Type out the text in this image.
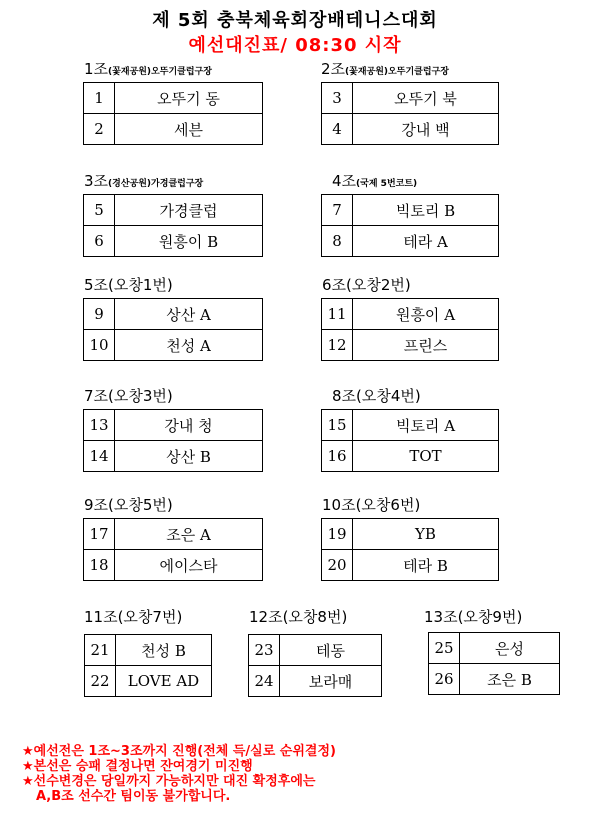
제 5회 충북체육회장배테니스대회
예선대진표/ 08:30 시작
1조(꽃재공원)오뚜기클럽구장
1	오뚜기 동
2	세븐
2조(꽃재공원)오뚜기클럽구장
3	오뚜기 북
4	강내 백
3조(경산공원)가경클럽구장
5	가경클럽
6	원흥이 B
4조(국제 5번코트)
7	빅토리 B
8	테라 A
5조(오창1번)
9	상산 A
10	천성 A
6조(오창2번)
11	원흥이 A
12	프린스
7조(오창3번)
13	강내 청
14	상산 B
8조(오창4번)
15	빅토리 A
16	TOT
9조(오창5번)
17	조은 A
18	에이스타
10조(오창6번)
19	YB
20	테라 B
11조(오창7번)
21	천성 B
22	LOVE AD
12조(오창8번)
23	테동
24	보라매
13조(오창9번)
25	은성
26	조은 B
★예선전은 1조~3조까지 진행(전체 득/실로 순위결정)
★본선은 승패 결정나면 잔여경기 미진행
★선수변경은 당일까지 가능하지만 대진 확정후에는
A,B조 선수간 팀이동 불가합니다.
